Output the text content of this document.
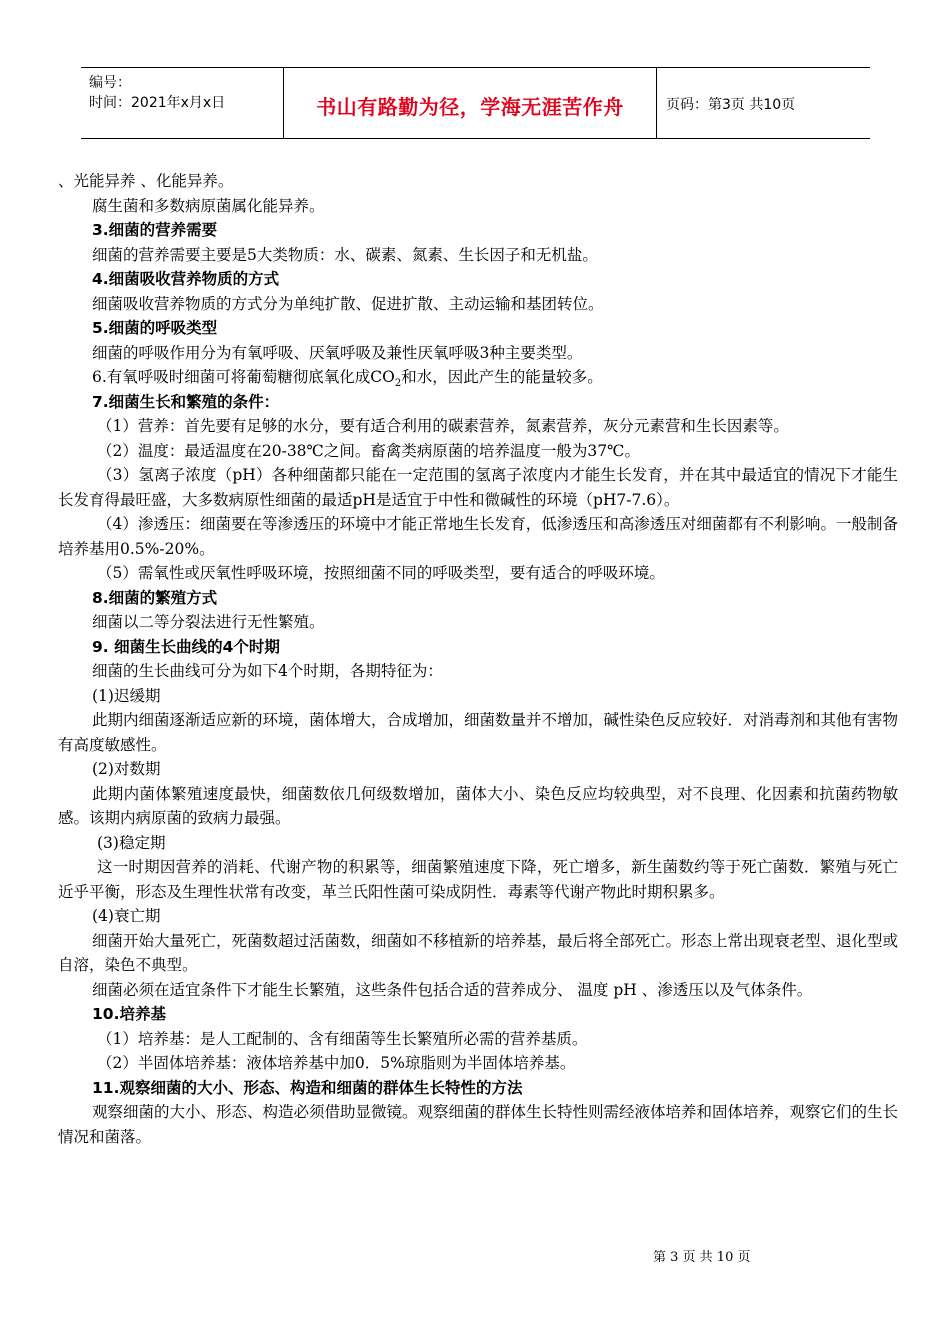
编号：
时间：2021年x月x日	书山有路勤为径，学海无涯苦作舟	页码：第3页 共10页

、光能异养 、化能异养。

腐生菌和多数病原菌属化能异养。

3.细菌的营养需要

细菌的营养需要主要是5大类物质：水、碳素、氮素、生长因子和无机盐。

4.细菌吸收营养物质的方式

细菌吸收营养物质的方式分为单纯扩散、促进扩散、主动运输和基团转位。

5.细菌的呼吸类型

细菌的呼吸作用分为有氧呼吸、厌氧呼吸及兼性厌氧呼吸3种主要类型。

6.有氧呼吸时细菌可将葡萄糖彻底氧化成$CO_2$和水，因此产生的能量较多。

7.细菌生长和繁殖的条件：

（1）营养：首先要有足够的水分，要有适合利用的碳素营养，氮素营养，灰分元素营和生长因素等。

（2）温度：最适温度在20-38℃之间。畜禽类病原菌的培养温度一般为37℃。

（3）氢离子浓度（pH）各种细菌都只能在一定范围的氢离子浓度内才能生长发育，并在其中最适宜的情况下才能生长发育得最旺盛，大多数病原性细菌的最适pH是适宜于中性和微碱性的环境（pH7-7.6）。

（4）渗透压：细菌要在等渗透压的环境中才能正常地生长发育，低渗透压和高渗透压对细菌都有不利影响。一般制备培养基用0.5%-20%。

（5）需氧性或厌氧性呼吸环境，按照细菌不同的呼吸类型，要有适合的呼吸环境。

8.细菌的繁殖方式

细菌以二等分裂法进行无性繁殖。

9. 细菌生长曲线的4个时期

细菌的生长曲线可分为如下4个时期，各期特征为：

(1)迟缓期

此期内细菌逐渐适应新的环境，菌体增大，合成增加，细菌数量并不增加，碱性染色反应较好．对消毒剂和其他有害物有高度敏感性。

(2)对数期

此期内菌体繁殖速度最快，细菌数依几何级数增加，菌体大小、染色反应均较典型，对不良理、化因素和抗菌药物敏感。该期内病原菌的致病力最强。

(3)稳定期

这一时期因营养的消耗、代谢产物的积累等，细菌繁殖速度下降，死亡增多，新生菌数约等于死亡菌数．繁殖与死亡近乎平衡，形态及生理性状常有改变，革兰氏阳性菌可染成阴性．毒素等代谢产物此时期积累多。

(4)衰亡期

细菌开始大量死亡，死菌数超过活菌数，细菌如不移植新的培养基，最后将全部死亡。形态上常出现衰老型、退化型或自溶，染色不典型。

细菌必须在适宜条件下才能生长繁殖，这些条件包括合适的营养成分、 温度 pH 、渗透压以及气体条件。

10.培养基

（1）培养基：是人工配制的、含有细菌等生长繁殖所必需的营养基质。

（2）半固体培养基：液体培养基中加0．5%琼脂则为半固体培养基。

11.观察细菌的大小、形态、构造和细菌的群体生长特性的方法

观察细菌的大小、形态、构造必须借助显微镜。观察细菌的群体生长特性则需经液体培养和固体培养，观察它们的生长情况和菌落。

第 3 页 共 10 页
